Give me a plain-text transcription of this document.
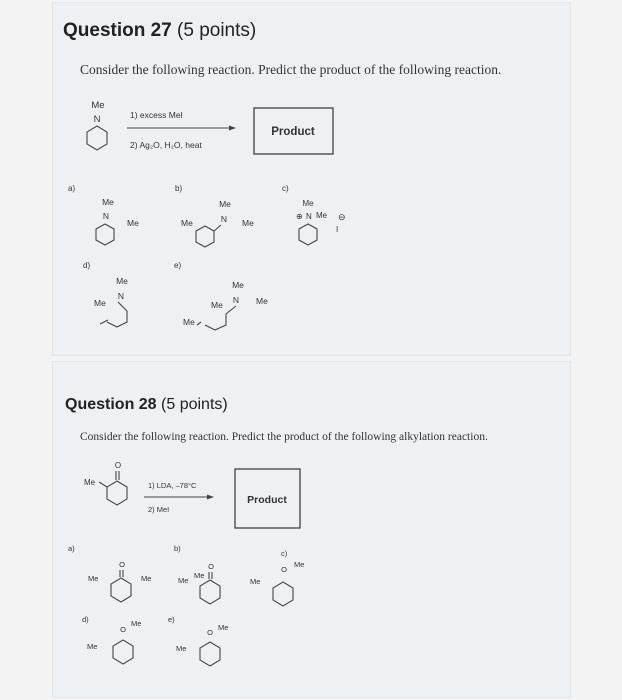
Question 27 (5 points)
Consider the following reaction. Predict the product of the following reaction.
Question 28 (5 points)
Consider the following reaction. Predict the product of the following alkylation reaction.
Me
N	1) excess MeI
2) Ag₂O, H₂O, heat
Product
a)
Me
N
Me
b)
Me
Me
N Me
c)
Me
⊕ N Me ⊖
I
d)
Me
N
Me
e)
Me
N
Me	Me
Me
O
Me	1) LDA, –78°C
2) MeI
Product
a)
O
Me	Me
b)
O
Me
Me
c)
O
Me
Me
d)
O
Me
Me
e)
O
Me
Me
